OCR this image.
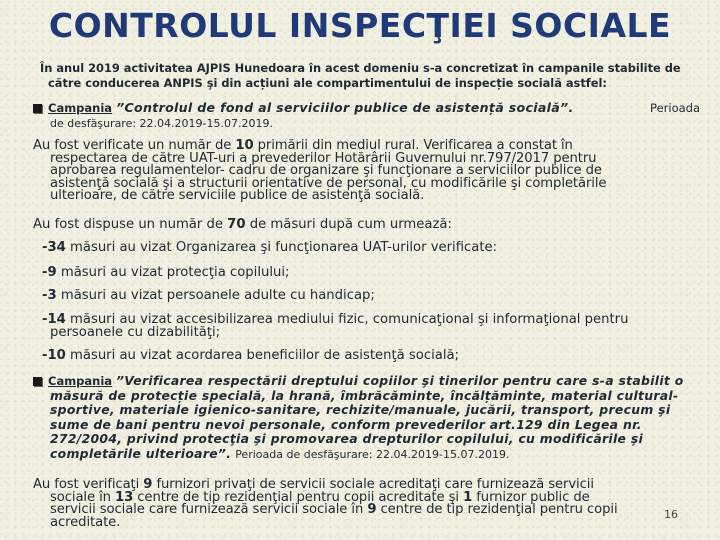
CONTROLUL INSPECŢIEI SOCIALE
În anul 2019 activitatea AJPIS Hunedoara în acest domeniu s-a concretizat în campanile stabilite de
către conducerea ANPIS şi din acțiuni ale compartimentului de inspecție socială astfel:
Campania ”Controlul de fond al serviciilor publice de asistență socială”.	Perioada
de desfăşurare: 22.04.2019-15.07.2019.
Au fost verificate un număr de 10 primării din mediul rural. Verificarea a constat în
respectarea de către UAT-uri a prevederilor Hotărârii Guvernului nr.797/2017 pentru
aprobarea regulamentelor- cadru de organizare şi funcţionare a serviciilor publice de
asistenţă socială şi a structurii orientative de personal, cu modificările şi completările
ulterioare, de către serviciile publice de asistenţă socială.
Au fost dispuse un număr de 70 de măsuri după cum urmează:
-34 măsuri au vizat Organizarea şi funcţionarea UAT-urilor verificate:
-9 măsuri au vizat protecţia copilului;
-3 măsuri au vizat persoanele adulte cu handicap;
-14 măsuri au vizat accesibilizarea mediului fizic, comunicaţional şi informaţional pentru
persoanele cu dizabilităţi;
-10 măsuri au vizat acordarea beneficiilor de asistenţă socială;
Campania ”Verificarea respectării dreptului copiilor şi tinerilor pentru care s-a stabilit o
măsură de protecție specială, la hrană, îmbrăcăminte, încălțăminte, material cultural-
sportive, materiale igienico-sanitare, rechizite/manuale, jucării, transport, precum şi
sume de bani pentru nevoi personale, conform prevederilor art.129 din Legea nr.
272/2004, privind protecţia şi promovarea drepturilor copilului, cu modificările şi
completările ulterioare”. Perioada de desfăşurare: 22.04.2019-15.07.2019.
Au fost verificaţi 9 furnizori privaţi de servicii sociale acreditaţi care furnizează servicii
sociale în 13 centre de tip rezidenţial pentru copii acreditate şi 1 furnizor public de
servicii sociale care furnizează servicii sociale în 9 centre de tip rezidenţial pentru copii
acreditate.	16
